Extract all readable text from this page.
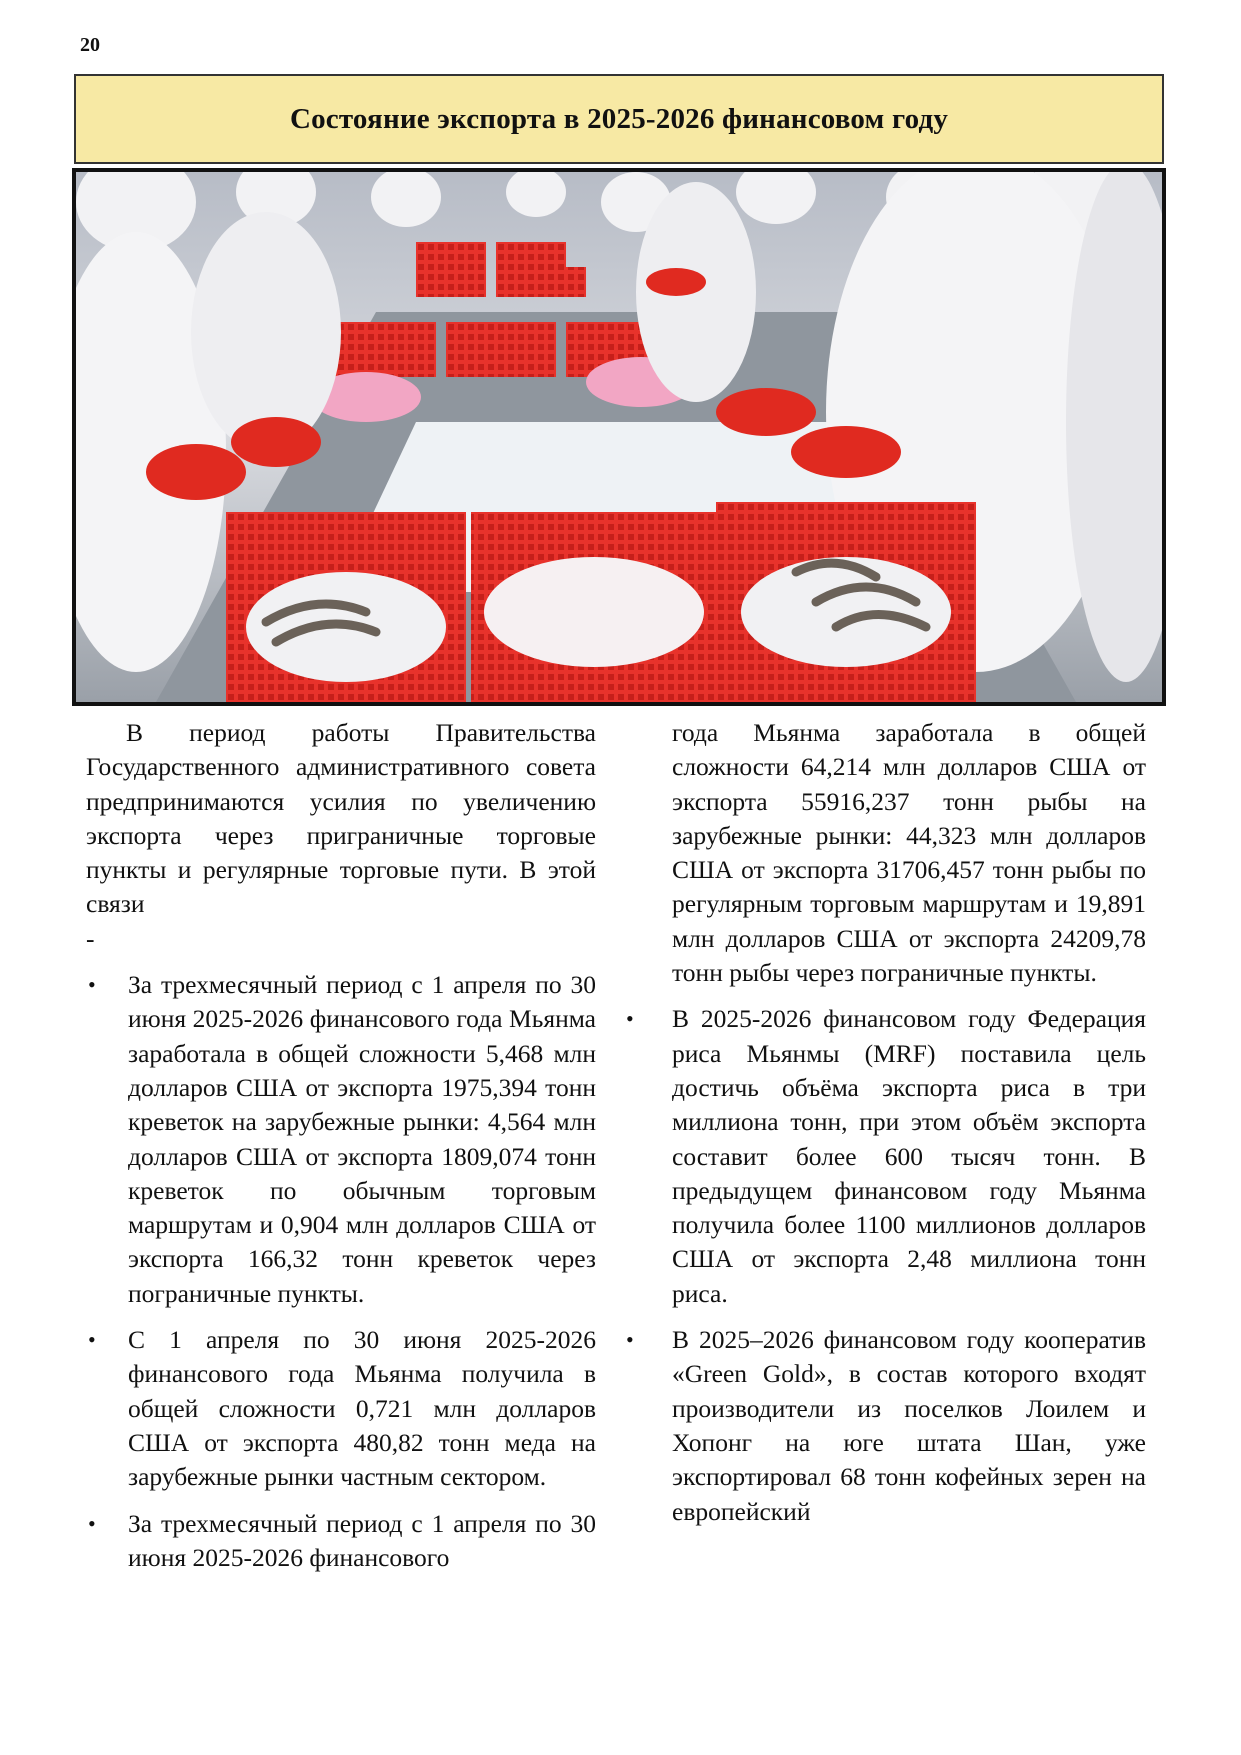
20
Состояние экспорта в 2025-2026 финансовом году

В период работы Правительства Государственного административного совета предпринимаются усилия по увеличению экспорта через приграничные торговые пункты и регулярные торговые пути. В этой связи

-

• За трехмесячный период с 1 апреля по 30 июня 2025-2026 финансового года Мьянма заработала в общей сложности 5,468 млн долларов США от экспорта 1975,394 тонн креветок на зарубежные рынки: 4,564 млн долларов США от экспорта 1809,074 тонн креветок по обычным торговым маршрутам и 0,904 млн долларов США от экспорта 166,32 тонн креветок через пограничные пункты.
• С 1 апреля по 30 июня 2025-2026 финансового года Мьянма получила в общей сложности 0,721 млн долларов США от экспорта 480,82 тонн меда на зарубежные рынки частным сектором.
• За трехмесячный период с 1 апреля по 30 июня 2025-2026 финансового

года Мьянма заработала в общей сложности 64,214 млн долларов США от экспорта 55916,237 тонн рыбы на зарубежные рынки: 44,323 млн долларов США от экспорта 31706,457 тонн рыбы по регулярным торговым маршрутам и 19,891 млн долларов США от экспорта 24209,78 тонн рыбы через пограничные пункты.

• В 2025-2026 финансовом году Федерация риса Мьянмы (MRF) поставила цель достичь объёма экспорта риса в три миллиона тонн, при этом объём экспорта составит более 600 тысяч тонн. В предыдущем финансовом году Мьянма получила более 1100 миллионов долларов США от экспорта 2,48 миллиона тонн риса.
• В 2025–2026 финансовом году кооператив «Green Gold», в состав которого входят производители из поселков Лоилем и Хопонг на юге штата Шан, уже экспортировал 68 тонн кофейных зерен на европейский
